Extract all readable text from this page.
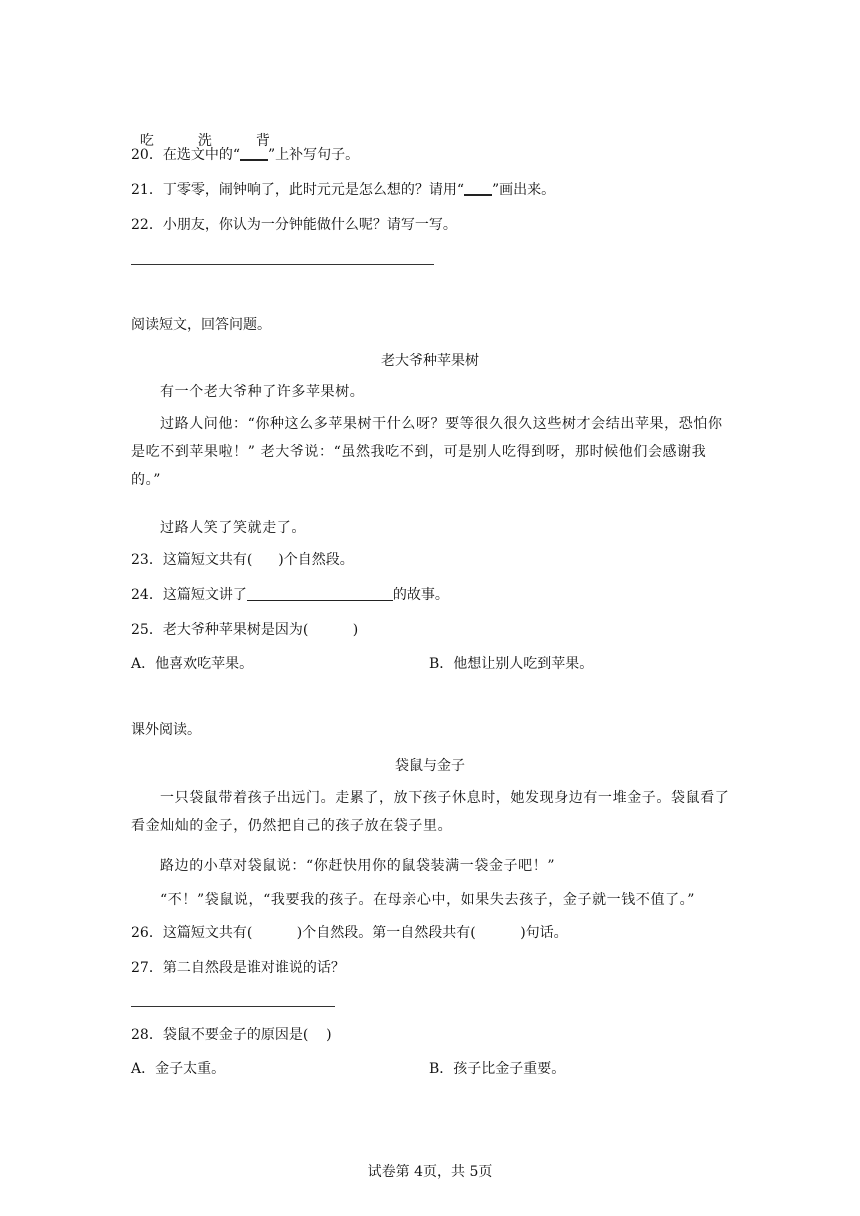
吃	洗	背

20．在选文中的“ ”上补写句子。
21．丁零零，闹钟响了，此时元元是怎么想的？请用“ ”画出来。
22．小朋友，你认为一分钟能做什么呢？请写一写。
阅读短文，回答问题。
老大爷种苹果树
有一个老大爷种了许多苹果树。
过路人问他：“你种这么多苹果树干什么呀？要等很久很久这些树才会结出苹果，恐怕你是吃不到苹果啦！” 老大爷说：“虽然我吃不到，可是别人吃得到呀，那时候他们会感谢我的。”
过路人笑了笑就走了。
23．这篇短文共有( )个自然段。
24．这篇短文讲了	的故事。
25．老大爷种苹果树是因为(          )
A．他喜欢吃苹果。	B．他想让别人吃到苹果。
课外阅读。
袋鼠与金子
一只袋鼠带着孩子出远门。走累了，放下孩子休息时，她发现身边有一堆金子。袋鼠看了看金灿灿的金子，仍然把自己的孩子放在袋子里。
路边的小草对袋鼠说：“你赶快用你的鼠袋装满一袋金子吧！”
“不！”袋鼠说，“我要我的孩子。在母亲心中，如果失去孩子，金子就一钱不值了。”
26．这篇短文共有(          )个自然段。第一自然段共有(          )句话。
27．第二自然段是谁对谁说的话？
28．袋鼠不要金子的原因是(    )
A．金子太重。	B．孩子比金子重要。
试卷第 4页，共 5页
